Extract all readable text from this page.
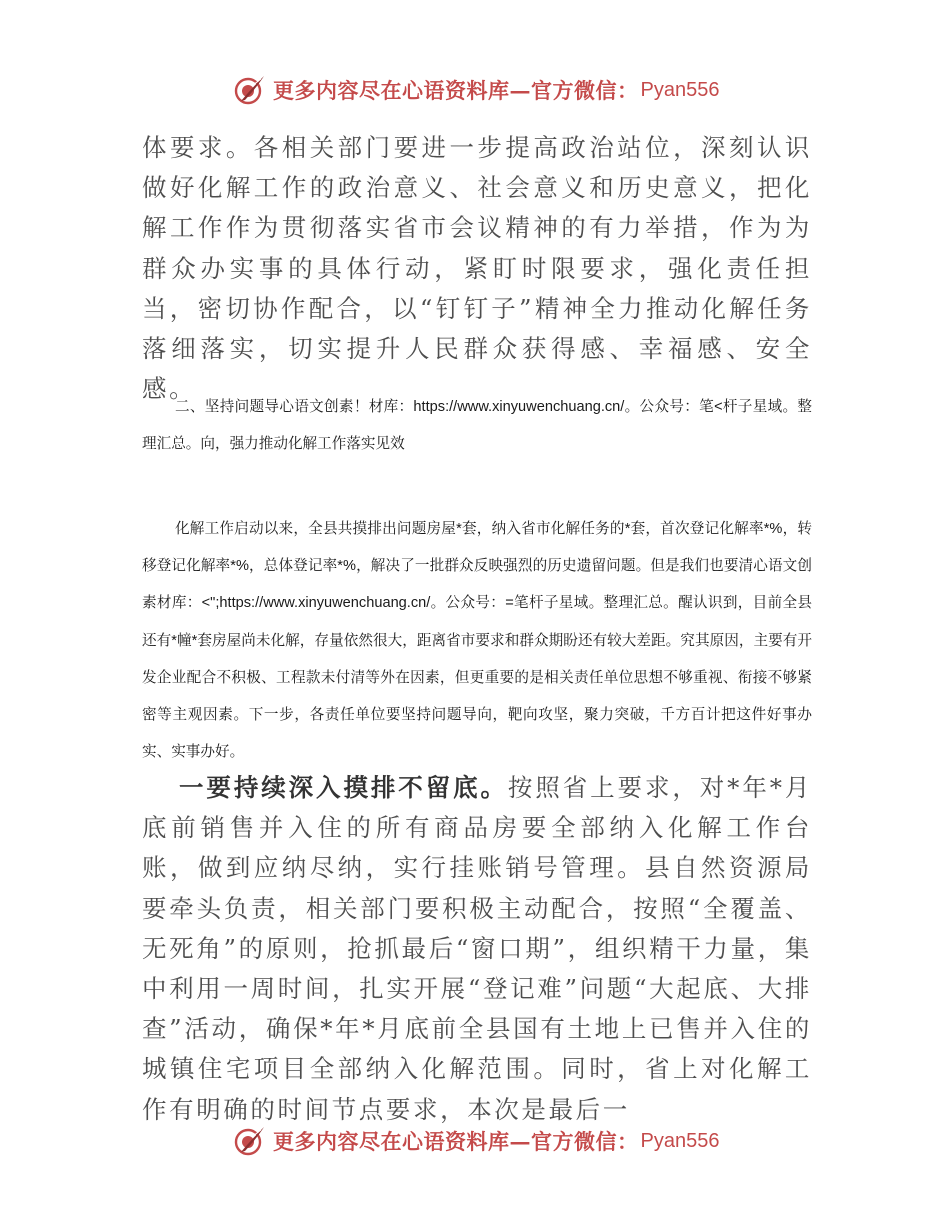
更多内容尽在心语资料库—官方微信： Pyan556

体要求。各相关部门要进一步提高政治站位，深刻认识做好化解工作的政治意义、社会意义和历史意义，把化解工作作为贯彻落实省市会议精神的有力举措，作为为群众办实事的具体行动，紧盯时限要求，强化责任担当，密切协作配合，以“钉钉子”精神全力推动化解任务落细落实，切实提升人民群众获得感、幸福感、安全感。

二、坚持问题导心语文创素！材库：https://www.xinyuwenchuang.cn/。公众号：笔<杆子星域。整理汇总。向，强力推动化解工作落实见效

化解工作启动以来，全县共摸排出问题房屋*套，纳入省市化解任务的*套，首次登记化解率*%，转移登记化解率*%，总体登记率*%，解决了一批群众反映强烈的历史遗留问题。但是我们也要清心语文创素材库：<";https://www.xinyuwenchuang.cn/。公众号：=笔杆子星域。整理汇总。醒认识到，目前全县还有*幢*套房屋尚未化解，存量依然很大，距离省市要求和群众期盼还有较大差距。究其原因，主要有开发企业配合不积极、工程款未付清等外在因素，但更重要的是相关责任单位思想不够重视、衔接不够紧密等主观因素。下一步，各责任单位要坚持问题导向，靶向攻坚，聚力突破，千方百计把这件好事办实、实事办好。

一要持续深入摸排不留底。按照省上要求，对*年*月底前销售并入住的所有商品房要全部纳入化解工作台账，做到应纳尽纳，实行挂账销号管理。县自然资源局要牵头负责，相关部门要积极主动配合，按照“全覆盖、无死角”的原则，抢抓最后“窗口期”，组织精干力量，集中利用一周时间，扎实开展“登记难”问题“大起底、大排查”活动，确保*年*月底前全县国有土地上已售并入住的城镇住宅项目全部纳入化解范围。同时，省上对化解工作有明确的时间节点要求，本次是最后一

更多内容尽在心语资料库—官方微信： Pyan556
